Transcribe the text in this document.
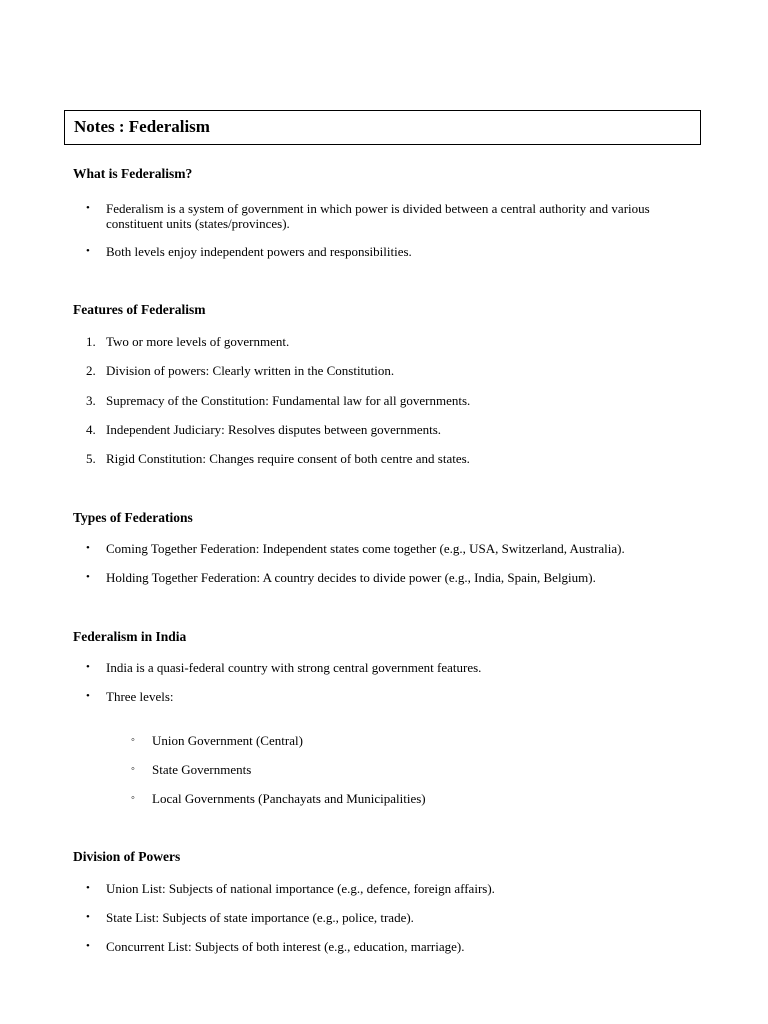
Notes : Federalism
What is Federalism?
• Federalism is a system of government in which power is divided between a central authority and various constituent units (states/provinces).
• Both levels enjoy independent powers and responsibilities.
Features of Federalism
1. Two or more levels of government.
2. Division of powers: Clearly written in the Constitution.
3. Supremacy of the Constitution: Fundamental law for all governments.
4. Independent Judiciary: Resolves disputes between governments.
5. Rigid Constitution: Changes require consent of both centre and states.
Types of Federations
• Coming Together Federation: Independent states come together (e.g., USA, Switzerland, Australia).
• Holding Together Federation: A country decides to divide power (e.g., India, Spain, Belgium).
Federalism in India
• India is a quasi-federal country with strong central government features.
• Three levels:
◦ Union Government (Central)
◦ State Governments
◦ Local Governments (Panchayats and Municipalities)
Division of Powers
• Union List: Subjects of national importance (e.g., defence, foreign affairs).
• State List: Subjects of state importance (e.g., police, trade).
• Concurrent List: Subjects of both interest (e.g., education, marriage).
